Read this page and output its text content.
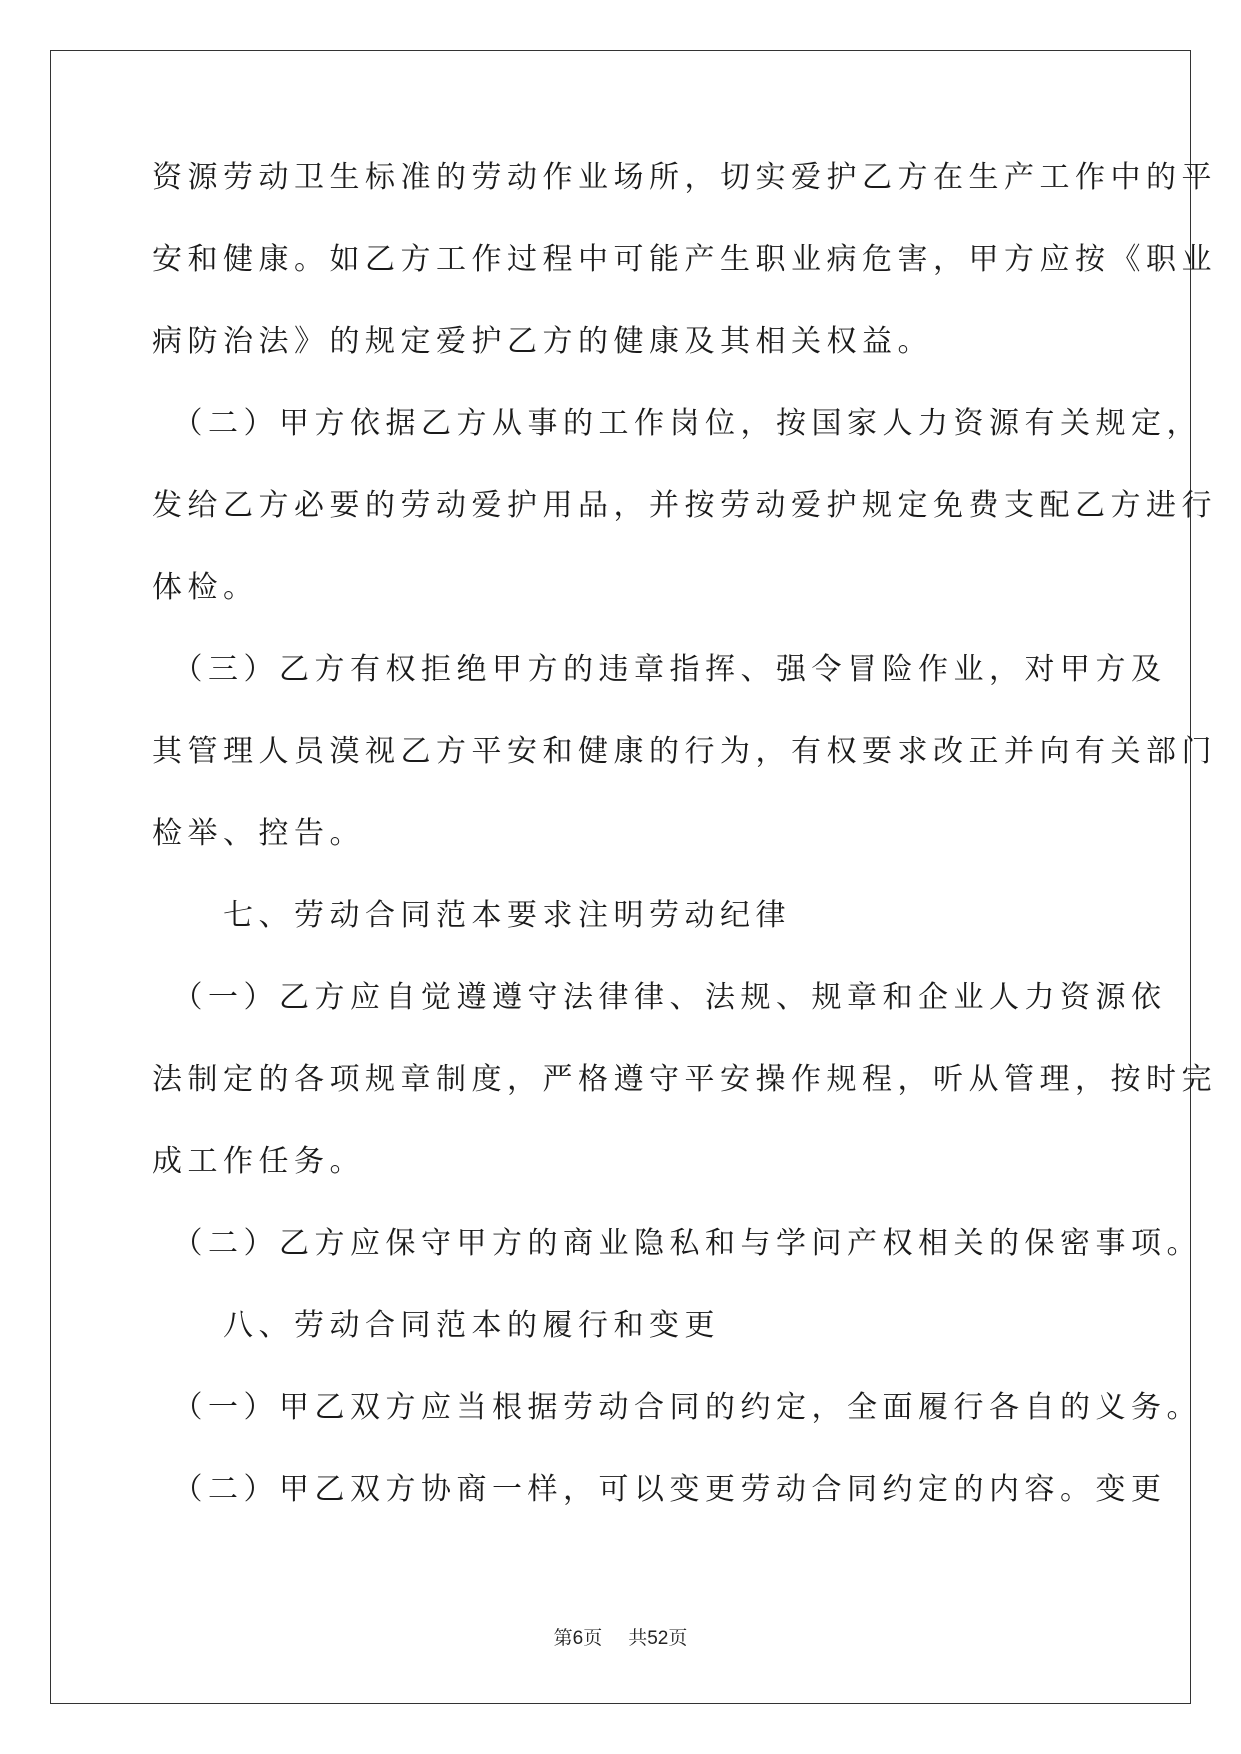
资源劳动卫生标准的劳动作业场所，切实爱护乙方在生产工作中的平
安和健康。如乙方工作过程中可能产生职业病危害，甲方应按《职业
病防治法》的规定爱护乙方的健康及其相关权益。
　（二）甲方依据乙方从事的工作岗位，按国家人力资源有关规定，
发给乙方必要的劳动爱护用品，并按劳动爱护规定免费支配乙方进行
体检。
　（三）乙方有权拒绝甲方的违章指挥、强令冒险作业，对甲方及
其管理人员漠视乙方平安和健康的行为，有权要求改正并向有关部门
检举、控告。
　　七、劳动合同范本要求注明劳动纪律
　（一）乙方应自觉遵遵守法律律、法规、规章和企业人力资源依
法制定的各项规章制度，严格遵守平安操作规程，听从管理，按时完
成工作任务。
　（二）乙方应保守甲方的商业隐私和与学问产权相关的保密事项。
　　八、劳动合同范本的履行和变更
　（一）甲乙双方应当根据劳动合同的约定，全面履行各自的义务。
　（二）甲乙双方协商一样，可以变更劳动合同约定的内容。变更
第6页 共52页
